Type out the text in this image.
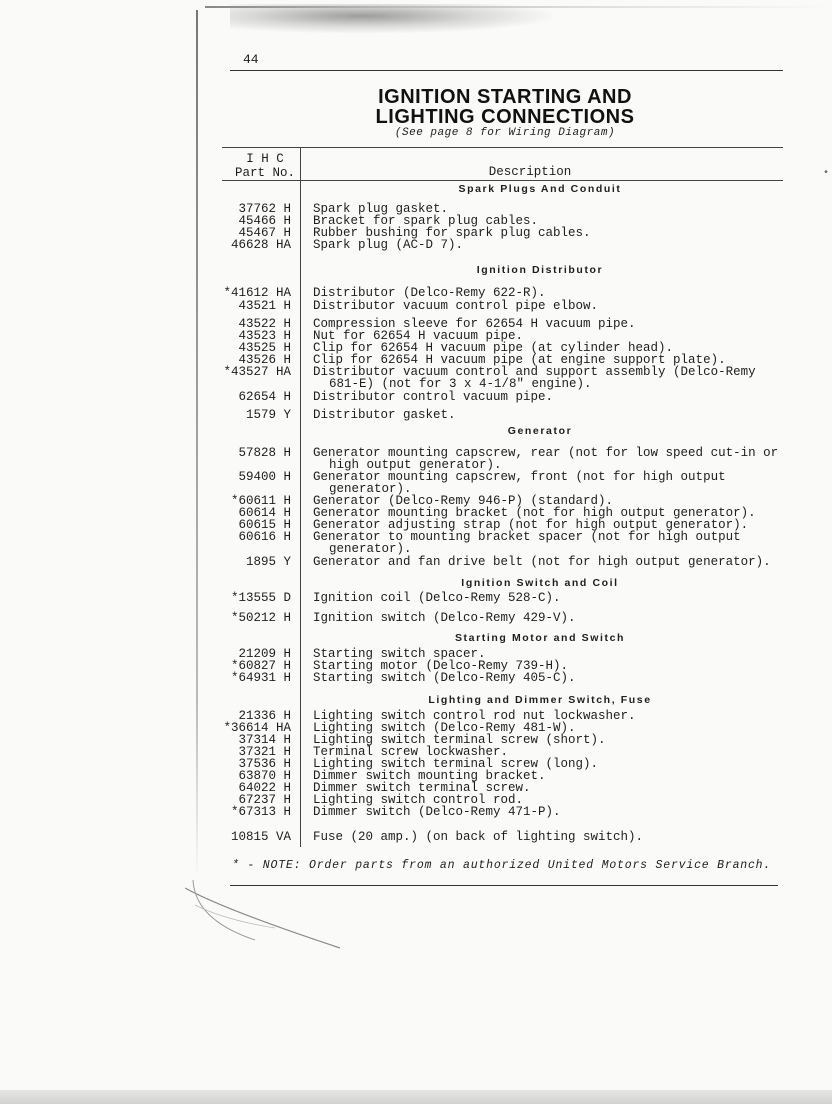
44
IGNITION STARTING AND
LIGHTING CONNECTIONS
(See page 8 for Wiring Diagram)
I H C
Part No.	Description
Spark Plugs And Conduit
37762 H Spark plug gasket.
45466 H Bracket for spark plug cables.
45467 H Rubber bushing for spark plug cables.
46628 HA Spark plug (AC-D 7).
Ignition Distributor
*41612 HA Distributor (Delco-Remy 622-R).
43521 H Distributor vacuum control pipe elbow.
43522 H Compression sleeve for 62654 H vacuum pipe.
43523 H Nut for 62654 H vacuum pipe.
43525 H Clip for 62654 H vacuum pipe (at cylinder head).
43526 H Clip for 62654 H vacuum pipe (at engine support plate).
*43527 HA Distributor vacuum control and support assembly (Delco-Remy
681-E) (not for 3 x 4-1/8" engine).
62654 H Distributor control vacuum pipe.
1579 Y Distributor gasket.
Generator
57828 H Generator mounting capscrew, rear (not for low speed cut-in or
high output generator).
59400 H Generator mounting capscrew, front (not for high output
generator).
*60611 H Generator (Delco-Remy 946-P) (standard).
60614 H Generator mounting bracket (not for high output generator).
60615 H Generator adjusting strap (not for high output generator).
60616 H Generator to mounting bracket spacer (not for high output
generator).
1895 Y Generator and fan drive belt (not for high output generator).
Ignition Switch and Coil
*13555 D Ignition coil (Delco-Remy 528-C).
*50212 H Ignition switch (Delco-Remy 429-V).
Starting Motor and Switch
21209 H Starting switch spacer.
*60827 H Starting motor (Delco-Remy 739-H).
*64931 H Starting switch (Delco-Remy 405-C).
Lighting and Dimmer Switch, Fuse
21336 H Lighting switch control rod nut lockwasher.
*36614 HA Lighting switch (Delco-Remy 481-W).
37314 H Lighting switch terminal screw (short).
37321 H Terminal screw lockwasher.
37536 H Lighting switch terminal screw (long).
63870 H Dimmer switch mounting bracket.
64022 H Dimmer switch terminal screw.
67237 H Lighting switch control rod.
*67313 H Dimmer switch (Delco-Remy 471-P).
10815 VA Fuse (20 amp.) (on back of lighting switch).
* - NOTE: Order parts from an authorized United Motors Service Branch.
•
